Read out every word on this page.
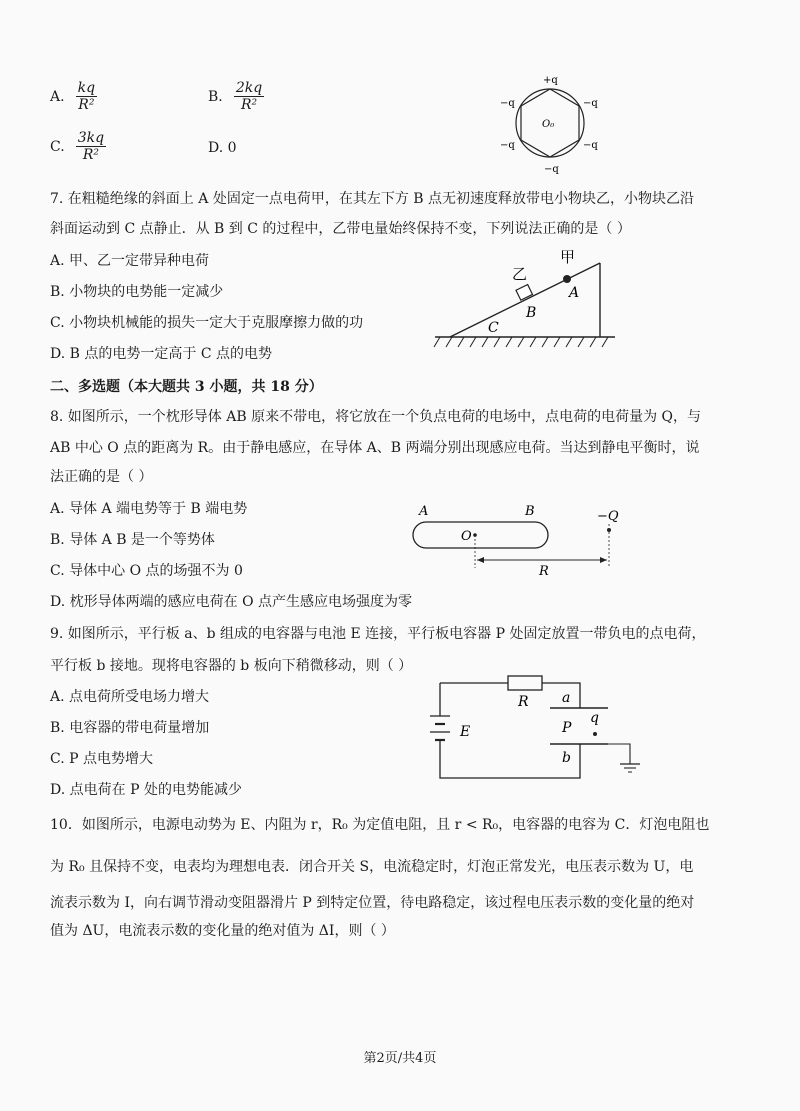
A. $\frac{kq}{\text{R²}}$	B. $\frac{2kq}{\text{R²}}$
C. $\frac{3kq}{\text{R²}}$	D. 0
+q
−q
−q
−q
−q
−q
O₀
7. 在粗糙绝缘的斜面上 A 处固定一点电荷甲，在其左下方 B 点无初速度释放带电小物块乙，小物块乙沿
斜面运动到 C 点静止．从 B 到 C 的过程中，乙带电量始终保持不变，下列说法正确的是（ ）
A. 甲、乙一定带异种电荷
B. 小物块的电势能一定减少
C. 小物块机械能的损失一定大于克服摩擦力做的功
D. B 点的电势一定高于 C 点的电势
甲
乙
A
B
C
二、多选题（本大题共 3 小题，共 18 分）
8. 如图所示，一个枕形导体 AB 原来不带电，将它放在一个负点电荷的电场中，点电荷的电荷量为 Q，与
AB 中心 O 点的距离为 R。由于静电感应，在导体 A、B 两端分别出现感应电荷。当达到静电平衡时，说
法正确的是（ ）
A. 导体 A 端电势等于 B 端电势
B. 导体 A B 是一个等势体
C. 导体中心 O 点的场强不为 0
D. 枕形导体两端的感应电荷在 O 点产生感应电场强度为零
A	B
O
−Q
R
9. 如图所示，平行板 a、b 组成的电容器与电池 E 连接，平行板电容器 P 处固定放置一带负电的点电荷，
平行板 b 接地。现将电容器的 b 板向下稍微移动，则（ ）
A. 点电荷所受电场力增大
B. 电容器的带电荷量增加
C. P 点电势增大
D. 点电荷在 P 处的电势能减少
R a
P
q
b
E
10．如图所示，电源电动势为 E、内阻为 r，R₀ 为定值电阻，且 r < R₀，电容器的电容为 C．灯泡电阻也
为 R₀ 且保持不变，电表均为理想电表．闭合开关 S，电流稳定时，灯泡正常发光，电压表示数为 U，电
流表示数为 I，向右调节滑动变阻器滑片 P 到特定位置，待电路稳定，该过程电压表示数的变化量的绝对
值为 ΔU，电流表示数的变化量的绝对值为 ΔI，则（ ）
第2页/共4页
